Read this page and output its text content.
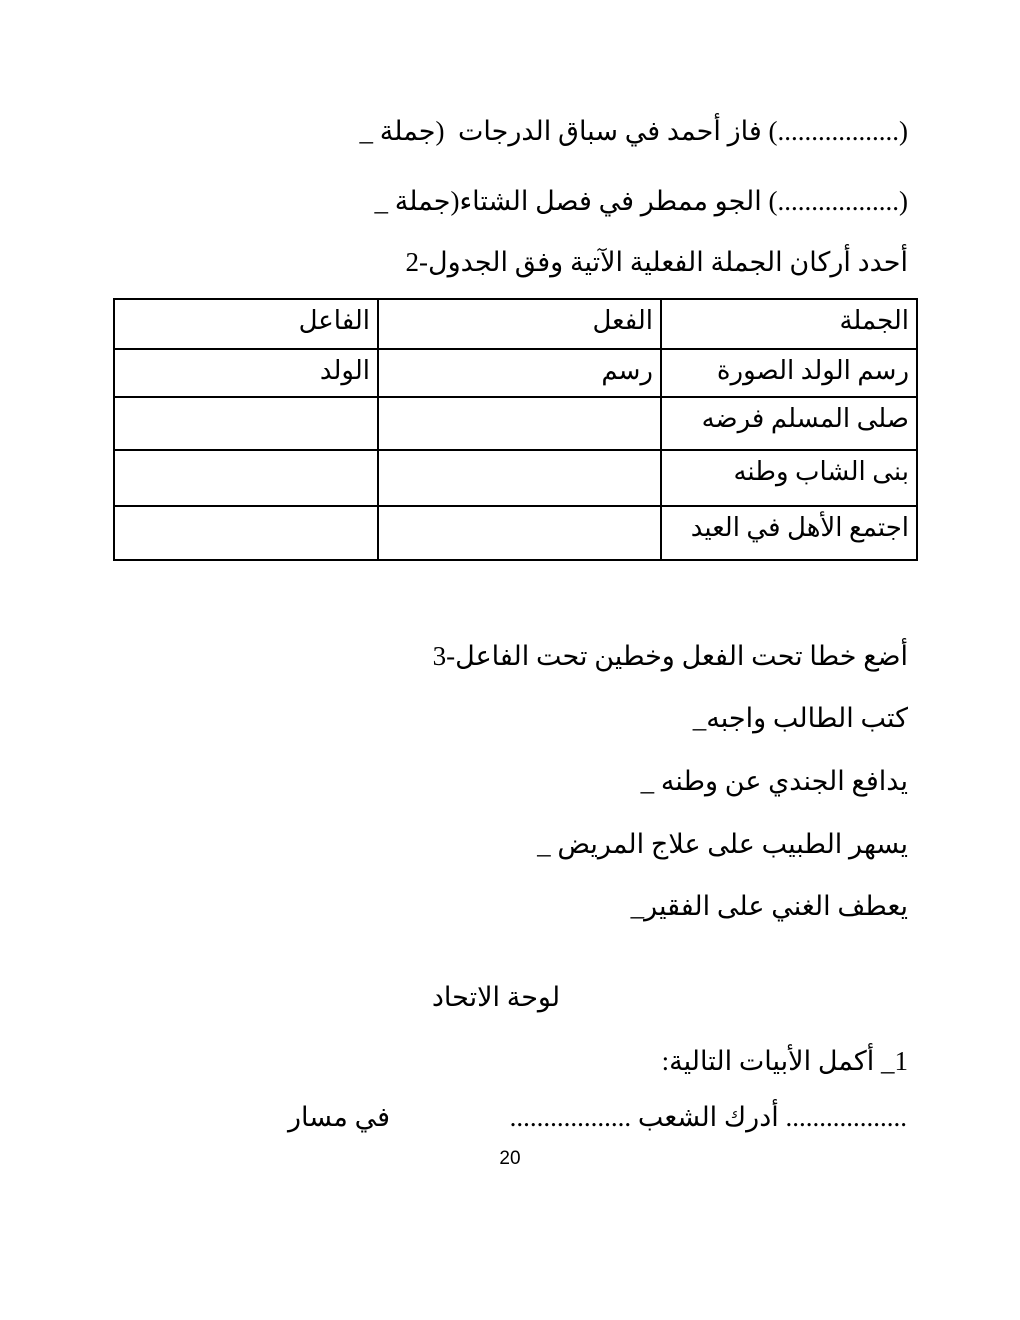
(..................) فاز أحمد في سباق الدرجات  (جملة _
(..................) الجو ممطر في فصل الشتاء(جملة _
أحدد أركان الجملة الفعلية الآتية وفق الجدول-2
الجملة	الفعل	الفاعل
رسم الولد الصورة	رسم	الولد
صلى المسلم فرضه		
بنى الشاب وطنه		
اجتمع الأهل في العيد		
أضع خطا تحت الفعل وخطين تحت الفاعل-3
كتب الطالب واجبه_
يدافع الجندي عن وطنه _
يسهر الطبيب على علاج المريض _
يعطف الغني على الفقير_
لوحة الاتحاد
1_ أكمل الأبيات التالية:
.................. أدرك الشعب ..................
في مسار
20
